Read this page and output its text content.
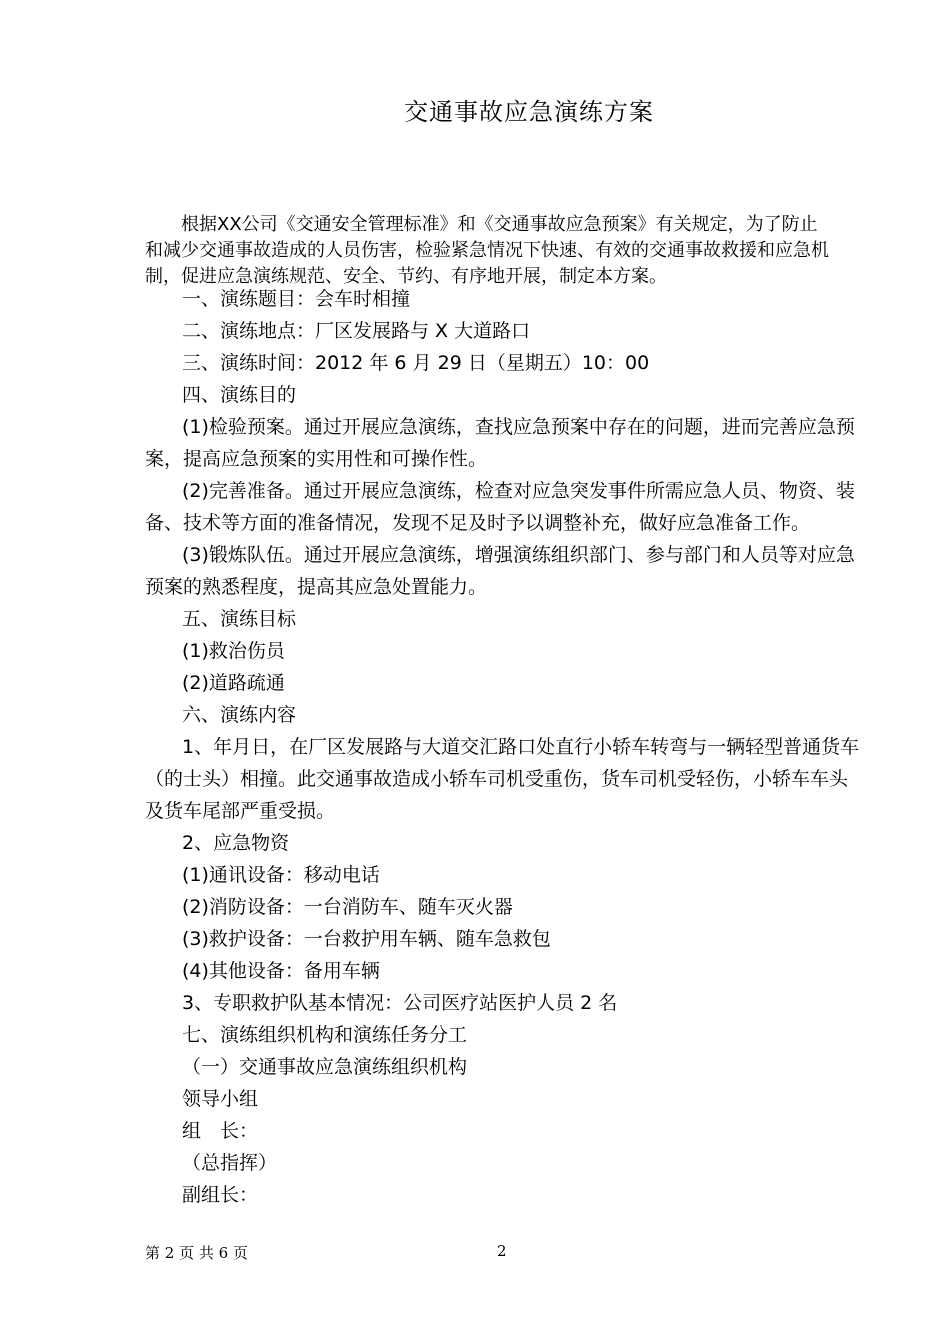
交通事故应急演练方案
根据XX公司《交通安全管理标准》和《交通事故应急预案》有关规定，为了防止和减少交通事故造成的人员伤害，检验紧急情况下快速、有效的交通事故救援和应急机制，促进应急演练规范、安全、节约、有序地开展，制定本方案。

一、演练题目：会车时相撞

二、演练地点：厂区发展路与 X 大道路口

三、演练时间：2012 年 6 月 29 日（星期五）10：00

四、演练目的

(1)检验预案。通过开展应急演练，查找应急预案中存在的问题，进而完善应急预案，提高应急预案的实用性和可操作性。

(2)完善准备。通过开展应急演练，检查对应急突发事件所需应急人员、物资、装备、技术等方面的准备情况，发现不足及时予以调整补充，做好应急准备工作。

(3)锻炼队伍。通过开展应急演练，增强演练组织部门、参与部门和人员等对应急预案的熟悉程度，提高其应急处置能力。

五、演练目标

(1)救治伤员

(2)道路疏通

六、演练内容

1、年月日，在厂区发展路与大道交汇路口处直行小轿车转弯与一辆轻型普通货车（的士头）相撞。此交通事故造成小轿车司机受重伤，货车司机受轻伤，小轿车车头及货车尾部严重受损。

2、应急物资

(1)通讯设备：移动电话

(2)消防设备：一台消防车、随车灭火器

(3)救护设备：一台救护用车辆、随车急救包

(4)其他设备：备用车辆

3、专职救护队基本情况：公司医疗站医护人员 2 名

七、演练组织机构和演练任务分工

（一）交通事故应急演练组织机构

领导小组

组　长：

（总指挥）

副组长：

第 2 页 共 6 页	2
